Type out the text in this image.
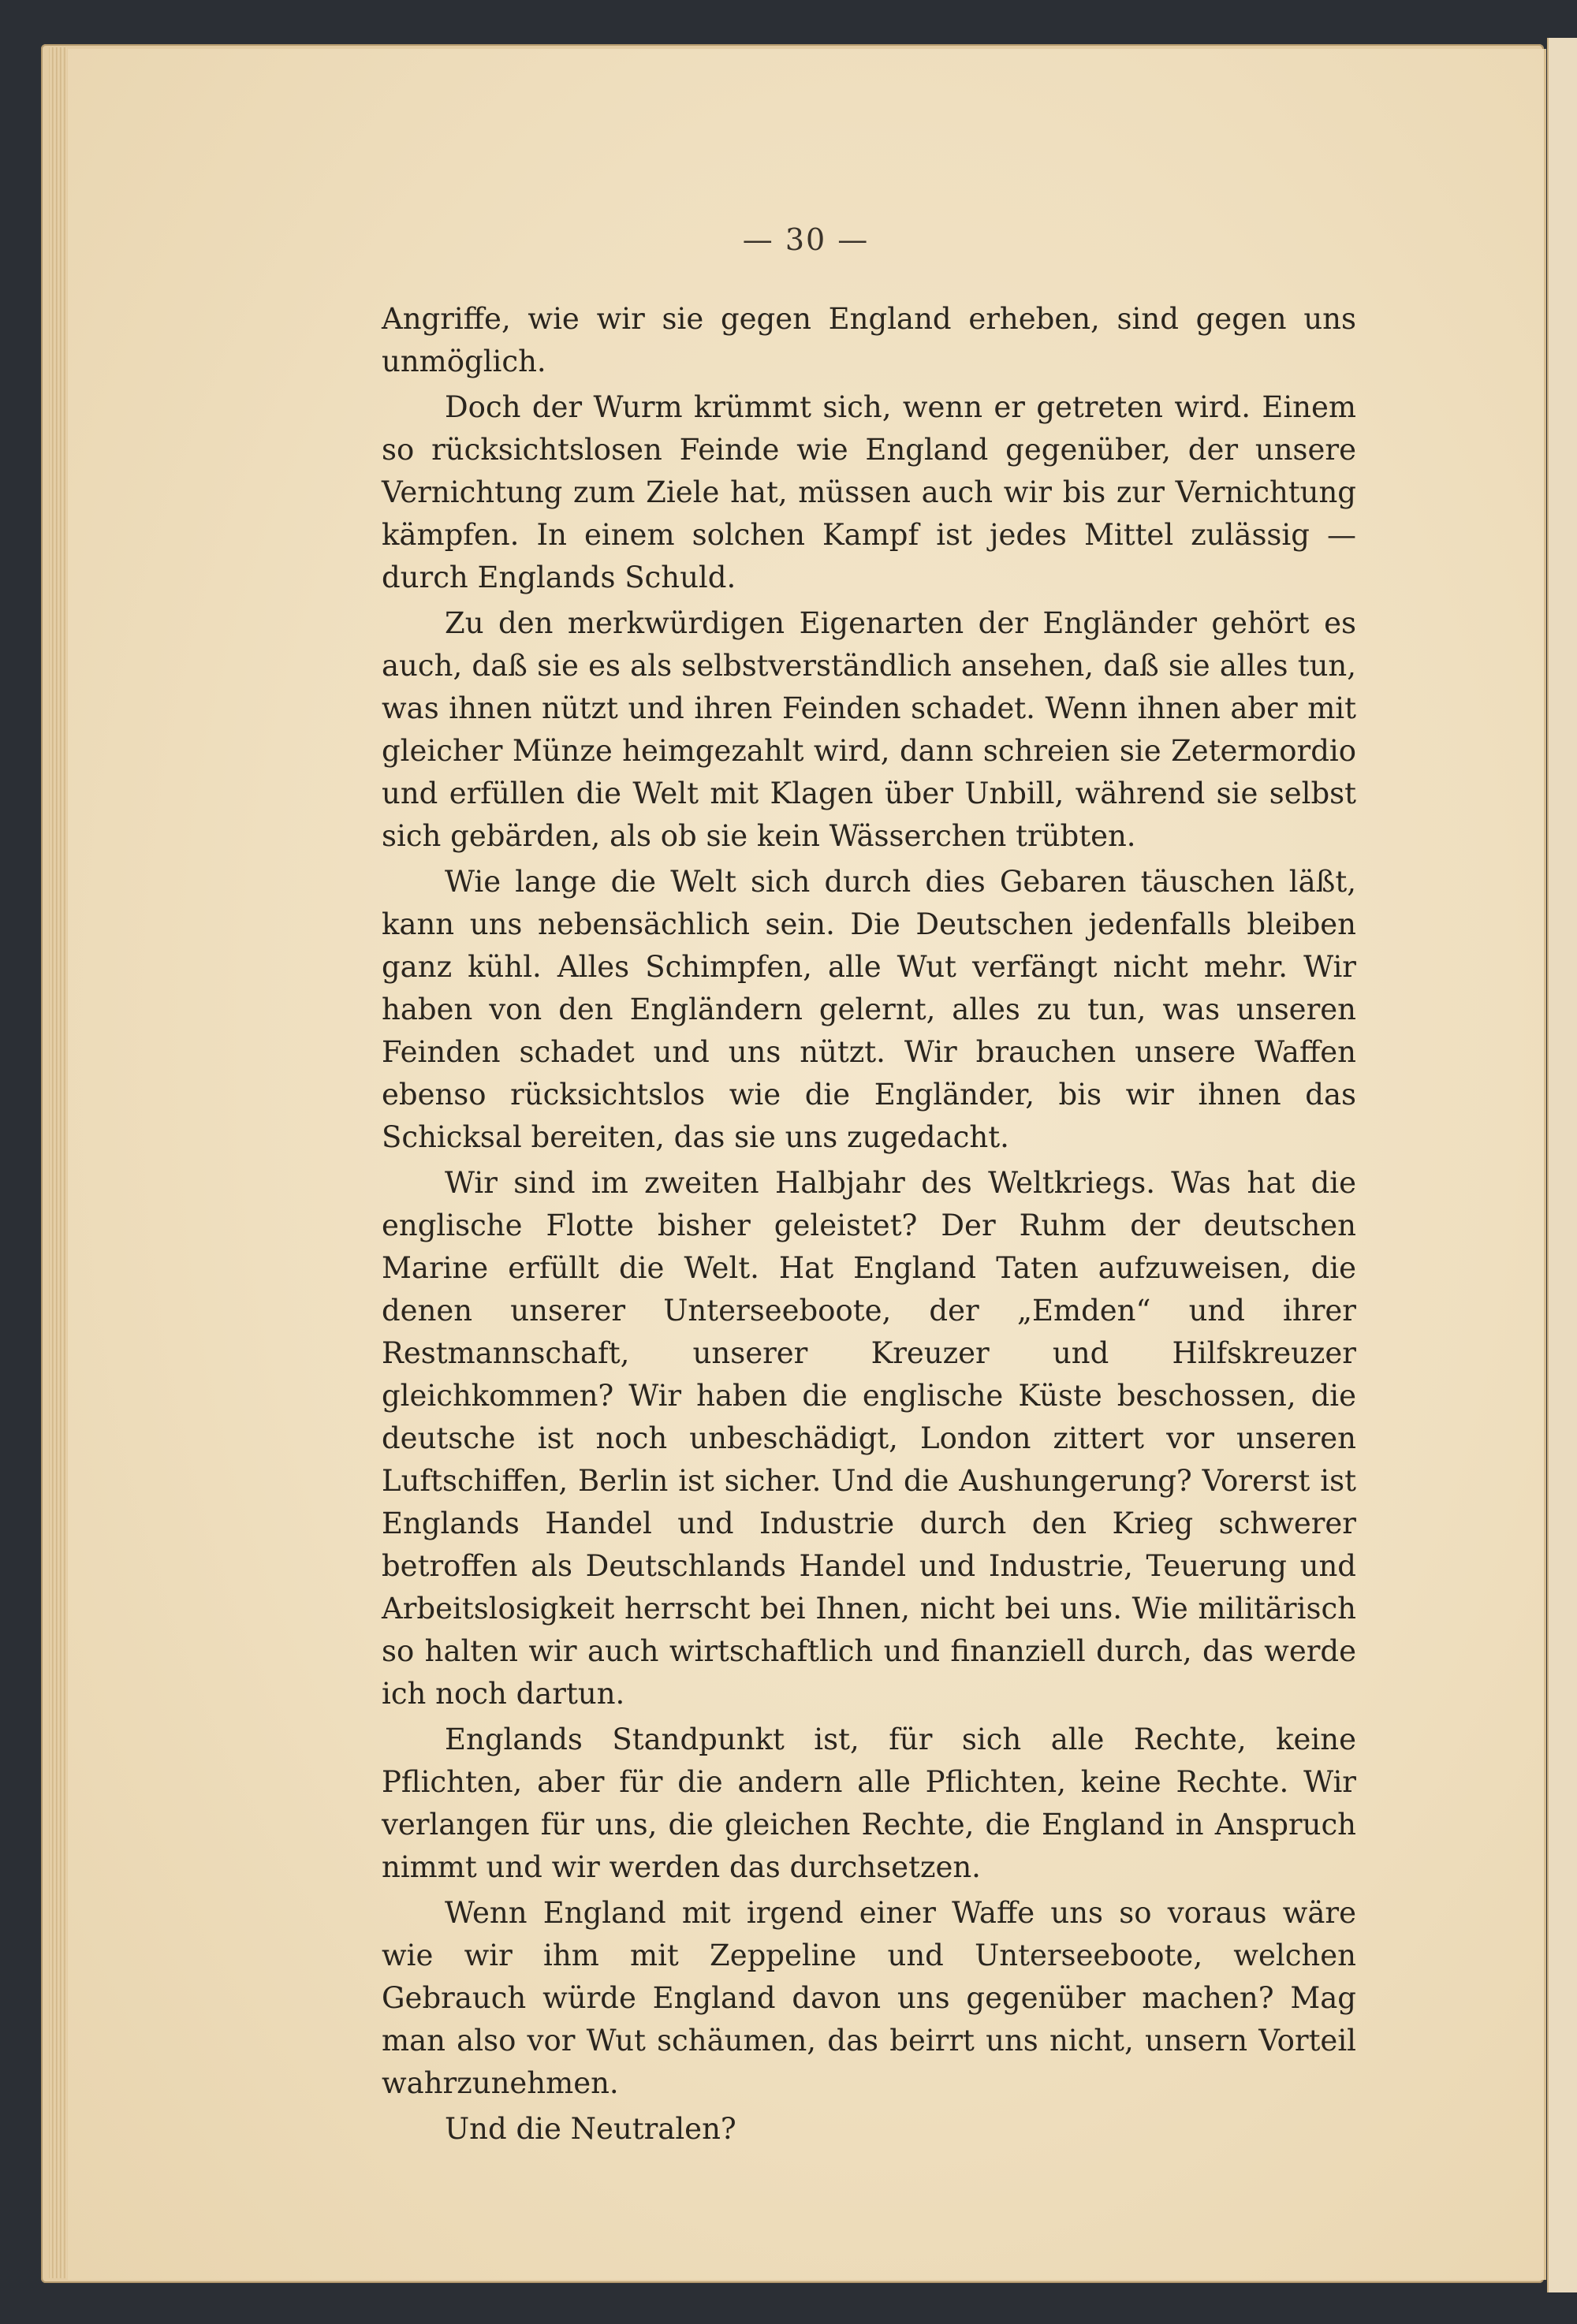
— 30 —

Angriffe, wie wir sie gegen England erheben, sind gegen uns unmöglich.

Doch der Wurm krümmt sich, wenn er getreten wird. Einem so rücksichtslosen Feinde wie England gegenüber, der unsere Vernichtung zum Ziele hat, müssen auch wir bis zur Vernichtung kämpfen. In einem solchen Kampf ist jedes Mittel zulässig — durch Englands Schuld.

Zu den merkwürdigen Eigenarten der Engländer gehört es auch, daß sie es als selbstverständlich ansehen, daß sie alles tun, was ihnen nützt und ihren Feinden schadet. Wenn ihnen aber mit gleicher Münze heimgezahlt wird, dann schreien sie Zetermordio und erfüllen die Welt mit Klagen über Unbill, während sie selbst sich gebärden, als ob sie kein Wässerchen trübten.

Wie lange die Welt sich durch dies Gebaren täuschen läßt, kann uns nebensächlich sein. Die Deutschen jedenfalls bleiben ganz kühl. Alles Schimpfen, alle Wut verfängt nicht mehr. Wir haben von den Engländern gelernt, alles zu tun, was unseren Feinden schadet und uns nützt. Wir brauchen unsere Waffen ebenso rücksichtslos wie die Engländer, bis wir ihnen das Schicksal bereiten, das sie uns zugedacht.

Wir sind im zweiten Halbjahr des Weltkriegs. Was hat die englische Flotte bisher geleistet? Der Ruhm der deutschen Marine erfüllt die Welt. Hat England Taten aufzuweisen, die denen unserer Unterseeboote, der „Emden“ und ihrer Restmannschaft, unserer Kreuzer und Hilfskreuzer gleichkommen? Wir haben die englische Küste beschossen, die deutsche ist noch unbeschädigt, London zittert vor unseren Luftschiffen, Berlin ist sicher. Und die Aushungerung? Vorerst ist Englands Handel und Industrie durch den Krieg schwerer betroffen als Deutschlands Handel und Industrie, Teuerung und Arbeitslosigkeit herrscht bei Ihnen, nicht bei uns. Wie militärisch so halten wir auch wirtschaftlich und finanziell durch, das werde ich noch dartun.

Englands Standpunkt ist, für sich alle Rechte, keine Pflichten, aber für die andern alle Pflichten, keine Rechte. Wir verlangen für uns, die gleichen Rechte, die England in Anspruch nimmt und wir werden das durchsetzen.

Wenn England mit irgend einer Waffe uns so voraus wäre wie wir ihm mit Zeppeline und Unterseeboote, welchen Gebrauch würde England davon uns gegenüber machen? Mag man also vor Wut schäumen, das beirrt uns nicht, unsern Vorteil wahrzunehmen.

Und die Neutralen?
